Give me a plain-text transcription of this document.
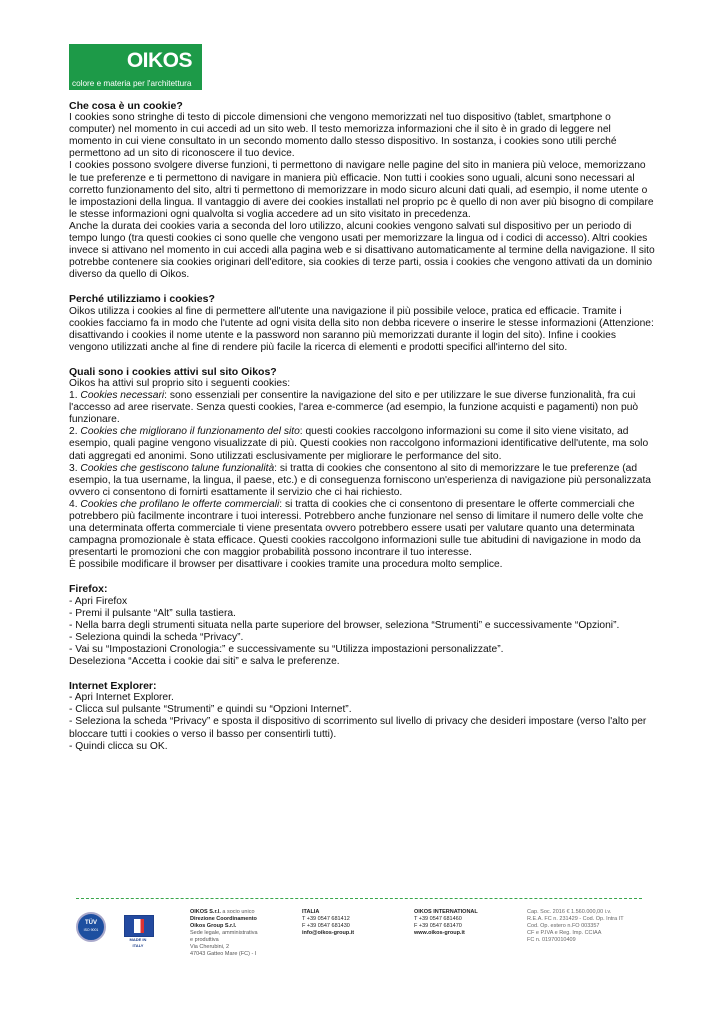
OIKOS
colore e materia per l'architettura
Che cosa è un cookie?

I cookies sono stringhe di testo di piccole dimensioni che vengono memorizzati nel tuo dispositivo (tablet, smartphone o computer) nel momento in cui accedi ad un sito web. Il testo memorizza informazioni che il sito è in grado di leggere nel momento in cui viene consultato in un secondo momento dallo stesso dispositivo. In sostanza, i cookies sono utili perché permettono ad un sito di riconoscere il tuo device.

I cookies possono svolgere diverse funzioni, ti permettono di navigare nelle pagine del sito in maniera più veloce, memorizzano le tue preferenze e ti permettono di navigare in maniera più efficacie. Non tutti i cookies sono uguali, alcuni sono necessari al corretto funzionamento del sito, altri ti permettono di memorizzare in modo sicuro alcuni dati quali, ad esempio, il nome utente o le impostazioni della lingua. Il vantaggio di avere dei cookies installati nel proprio pc è quello di non aver più bisogno di compilare le stesse informazioni ogni qualvolta si voglia accedere ad un sito visitato in precedenza.

Anche la durata dei cookies varia a seconda del loro utilizzo, alcuni cookies vengono salvati sul dispositivo per un periodo di tempo lungo (tra questi cookies ci sono quelle che vengono usati per memorizzare la lingua od i codici di accesso). Altri cookies invece si attivano nel momento in cui accedi alla pagina web e si disattivano automaticamente al termine della navigazione. Il sito potrebbe contenere sia cookies originari dell'editore, sia cookies di terze parti, ossia i cookies che vengono attivati da un dominio diverso da quello di Oikos.

Perché utilizziamo i cookies?

Oikos utilizza i cookies al fine di permettere all'utente una navigazione il più possibile veloce, pratica ed efficacie. Tramite i cookies facciamo fa in modo che l'utente ad ogni visita della sito non debba ricevere o inserire le stesse informazioni (Attenzione: disattivando i cookies il nome utente e la password non saranno più memorizzati durante il login del sito). Infine i cookies vengono utilizzati anche al fine di rendere più facile la ricerca di elementi e prodotti specifici all'interno del sito.

Quali sono i cookies attivi sul sito Oikos?

Oikos ha attivi sul proprio sito i seguenti cookies:

1. Cookies necessari: sono essenziali per consentire la navigazione del sito e per utilizzare le sue diverse funzionalità, fra cui l'accesso ad aree riservate. Senza questi cookies, l'area e-commerce (ad esempio, la funzione acquisti e pagamenti) non può funzionare.

2. Cookies che migliorano il funzionamento del sito: questi cookies raccolgono informazioni su come il sito viene visitato, ad esempio, quali pagine vengono visualizzate di più. Questi cookies non raccolgono informazioni identificative dell'utente, ma solo dati aggregati ed anonimi. Sono utilizzati esclusivamente per migliorare le performance del sito.

3. Cookies che gestiscono talune funzionalità: si tratta di cookies che consentono al sito di memorizzare le tue preferenze (ad esempio, la tua username, la lingua, il paese, etc.) e di conseguenza forniscono un'esperienza di navigazione più personalizzata ovvero ci consentono di fornirti esattamente il servizio che ci hai richiesto.

4. Cookies che profilano le offerte commerciali: si tratta di cookies che ci consentono di presentare le offerte commerciali che potrebbero più facilmente incontrare i tuoi interessi. Potrebbero anche funzionare nel senso di limitare il numero delle volte che una determinata offerta commerciale ti viene presentata ovvero potrebbero essere usati per valutare quanto una determinata campagna promozionale è stata efficace. Questi cookies raccolgono informazioni sulle tue abitudini di navigazione in modo da presentarti le promozioni che con maggior probabilità possono incontrare il tuo interesse.

È possibile modificare il browser per disattivare i cookies tramite una procedura molto semplice.

Firefox:

- Apri Firefox

- Premi il pulsante “Alt” sulla tastiera.

- Nella barra degli strumenti situata nella parte superiore del browser, seleziona “Strumenti” e successivamente “Opzioni”.

- Seleziona quindi la scheda “Privacy”.

- Vai su “Impostazioni Cronologia:” e successivamente su “Utilizza impostazioni personalizzate”.

Deseleziona “Accetta i cookie dai siti” e salva le preferenze.

Internet Explorer:

- Apri Internet Explorer.

- Clicca sul pulsante “Strumenti” e quindi su “Opzioni Internet”.

- Seleziona la scheda “Privacy” e sposta il dispositivo di scorrimento sul livello di privacy che desideri impostare (verso l'alto per bloccare tutti i cookies o verso il basso per consentirli tutti).

- Quindi clicca su OK.

TÜV
ISO 9001
MADE IN ITALY
OIKOS S.r.l. a socio unico
Direzione Coordinamento
Oikos Group S.r.l.
Sede legale, amministrativa
e produttiva
Via Cherubini, 2
47043 Gatteo Mare (FC) - I
ITALIA
T +39 0547 681412
F +39 0547 681430
info@oikos-group.it
OIKOS INTERNATIONAL
T +39 0547 681460
F +39 0547 681470
www.oikos-group.it
Cap. Soc. 2016 € 1.560.000,00 i.v.
R.E.A. FC n. 231429 - Cod. Op. Intra IT
Cod. Op. estero n.FO 003357
CF e P.IVA e Reg. Imp. CCIAA
FC n. 01970010409
